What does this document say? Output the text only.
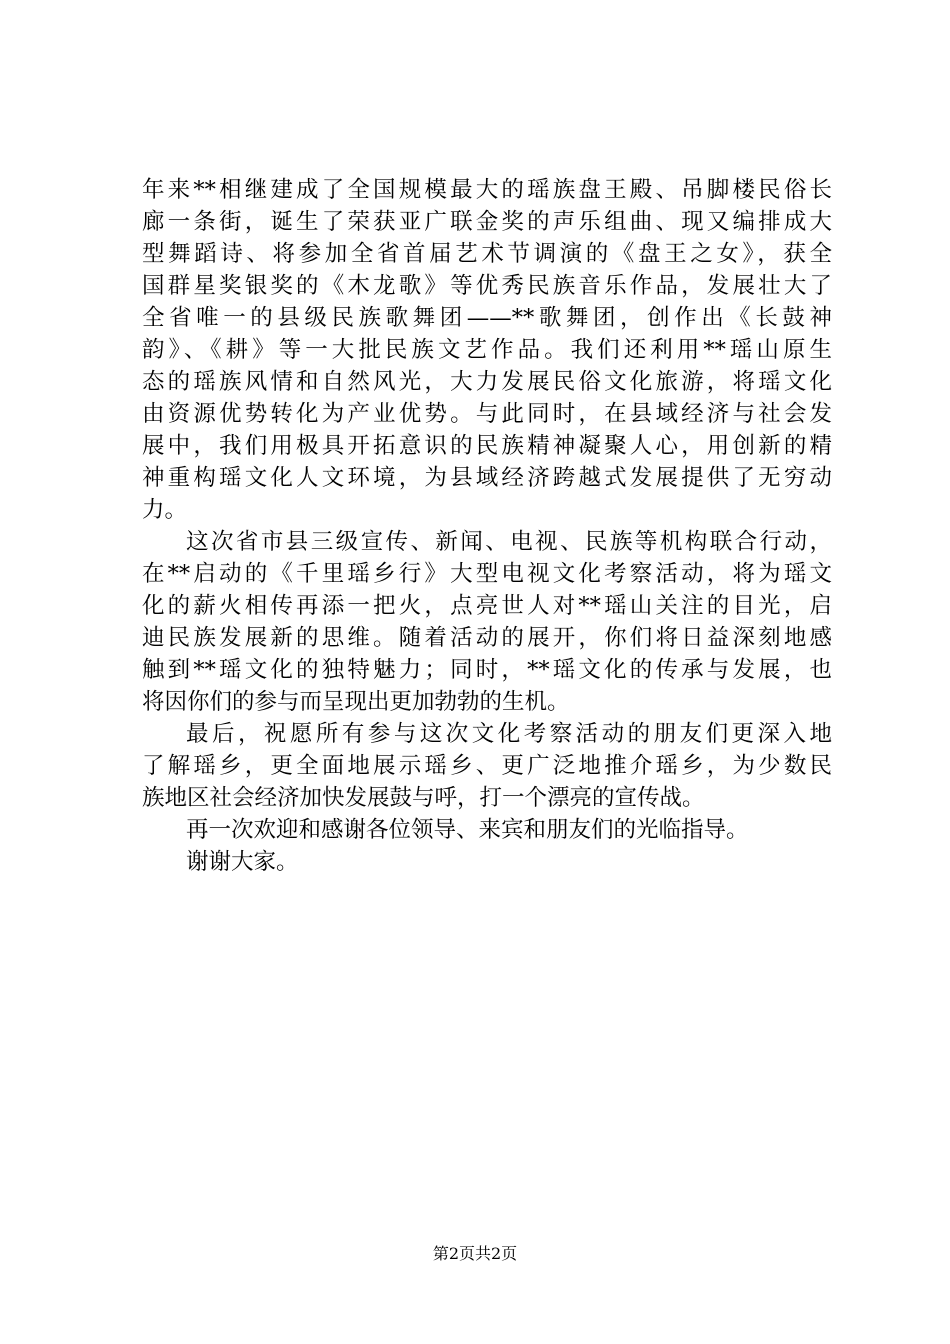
年来**相继建成了全国规模最大的瑶族盘王殿、吊脚楼民俗长
廊一条街，诞生了荣获亚广联金奖的声乐组曲、现又编排成大
型舞蹈诗、将参加全省首届艺术节调演的《盘王之女》，获全
国群星奖银奖的《木龙歌》等优秀民族音乐作品，发展壮大了
全省唯一的县级民族歌舞团——**歌舞团，创作出《长鼓神
韵》、《耕》等一大批民族文艺作品。我们还利用**瑶山原生
态的瑶族风情和自然风光，大力发展民俗文化旅游，将瑶文化
由资源优势转化为产业优势。与此同时，在县域经济与社会发
展中，我们用极具开拓意识的民族精神凝聚人心，用创新的精
神重构瑶文化人文环境，为县域经济跨越式发展提供了无穷动
力。
这次省市县三级宣传、新闻、电视、民族等机构联合行动，
在**启动的《千里瑶乡行》大型电视文化考察活动，将为瑶文
化的薪火相传再添一把火，点亮世人对**瑶山关注的目光，启
迪民族发展新的思维。随着活动的展开，你们将日益深刻地感
触到**瑶文化的独特魅力；同时，**瑶文化的传承与发展，也
将因你们的参与而呈现出更加勃勃的生机。
最后，祝愿所有参与这次文化考察活动的朋友们更深入地
了解瑶乡，更全面地展示瑶乡、更广泛地推介瑶乡，为少数民
族地区社会经济加快发展鼓与呼，打一个漂亮的宣传战。
再一次欢迎和感谢各位领导、来宾和朋友们的光临指导。
谢谢大家。
第2页共2页
